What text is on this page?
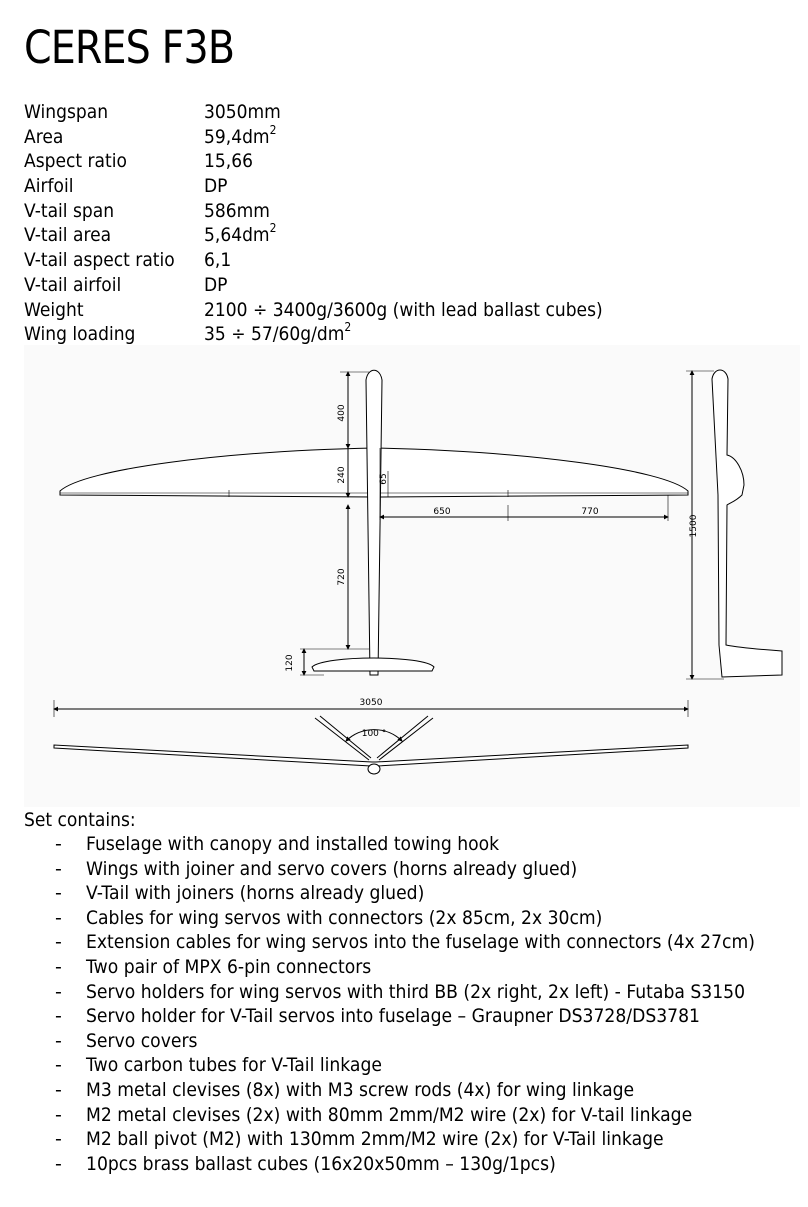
CERES F3B
Wingspan	3050mm
Area	$59,4dm^2$
Aspect ratio	15,66
Airfoil	DP
V-tail span	586mm
V-tail area	$5,64dm^2$
V-tail aspect ratio 6,1
V-tail airfoil	DP
Weight	2100 ÷ 3400g/3600g (with lead ballast cubes)
Wing loading	$35 \div 57/60g/dm^2$
400
240	65
650	770
720
120
1500
3050
100 °
Set contains:
- Fuselage with canopy and installed towing hook
- Wings with joiner and servo covers (horns already glued)
- V-Tail with joiners (horns already glued)
- Cables for wing servos with connectors (2x 85cm, 2x 30cm)
- Extension cables for wing servos into the fuselage with connectors (4x 27cm)
- Two pair of MPX 6-pin connectors
- Servo holders for wing servos with third BB (2x right, 2x left) - Futaba S3150
- Servo holder for V-Tail servos into fuselage – Graupner DS3728/DS3781
- Servo covers
- Two carbon tubes for V-Tail linkage
- M3 metal clevises (8x) with M3 screw rods (4x) for wing linkage
- M2 metal clevises (2x) with 80mm 2mm/M2 wire (2x) for V-tail linkage
- M2 ball pivot (M2) with 130mm 2mm/M2 wire (2x) for V-Tail linkage
- 10pcs brass ballast cubes (16x20x50mm – 130g/1pcs)
